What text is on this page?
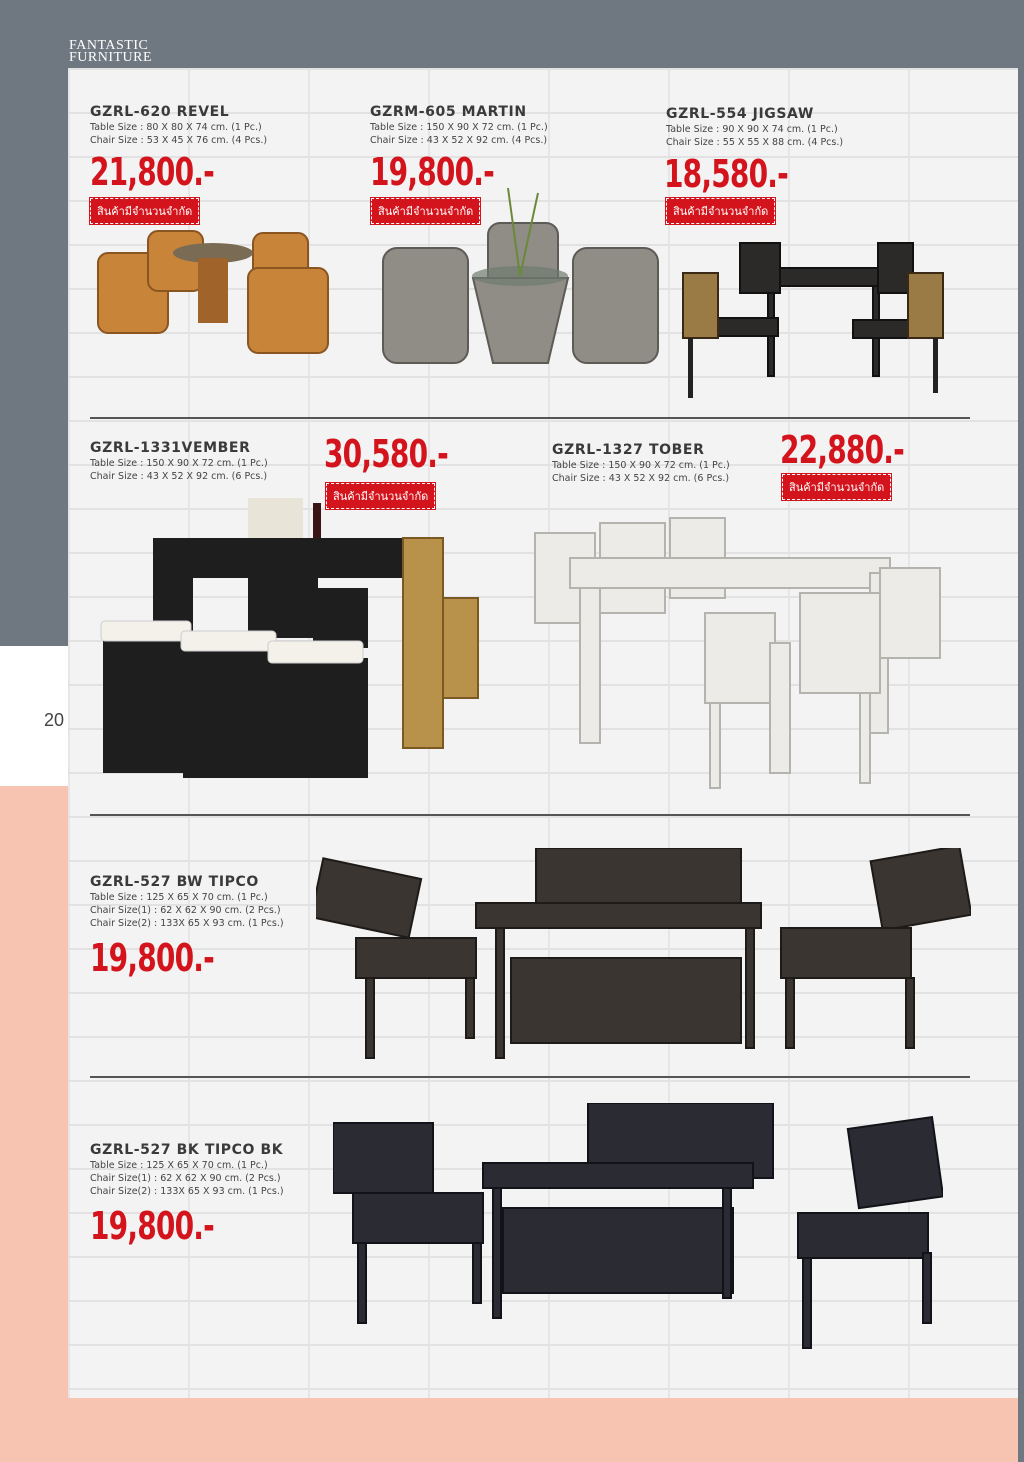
FANTASTIC
FURNITURE
20

GZRL-620 REVEL

Table Size : 80 X 80 X 74 cm. (1 Pc.)

Chair Size : 53 X 45 X 76 cm. (4 Pcs.)

21,800.-
สินค้ามีจำนวนจำกัด

GZRM-605 MARTIN

Table Size : 150 X 90 X 72 cm. (1 Pc.)

Chair Size : 43 X 52 X 92 cm. (4 Pcs.)

19,800.-
สินค้ามีจำนวนจำกัด

GZRL-554 JIGSAW

Table Size : 90 X 90 X 74 cm. (1 Pc.)

Chair Size : 55 X 55 X 88 cm. (4 Pcs.)

18,580.-
สินค้ามีจำนวนจำกัด

GZRL-1331VEMBER

Table Size : 150 X 90 X 72 cm. (1 Pc.)

Chair Size : 43 X 52 X 92 cm. (6 Pcs.)

30,580.-
สินค้ามีจำนวนจำกัด

GZRL-1327 TOBER

Table Size : 150 X 90 X 72 cm. (1 Pc.)

Chair Size : 43 X 52 X 92 cm. (6 Pcs.)

22,880.-
สินค้ามีจำนวนจำกัด

GZRL-527 BW TIPCO

Table Size : 125 X 65 X 70 cm. (1 Pc.)

Chair Size(1) : 62 X 62 X 90 cm. (2 Pcs.)

Chair Size(2) : 133X 65 X 93 cm. (1 Pcs.)

19,800.-

GZRL-527 BK TIPCO BK

Table Size : 125 X 65 X 70 cm. (1 Pc.)

Chair Size(1) : 62 X 62 X 90 cm. (2 Pcs.)

Chair Size(2) : 133X 65 X 93 cm. (1 Pcs.)

19,800.-
